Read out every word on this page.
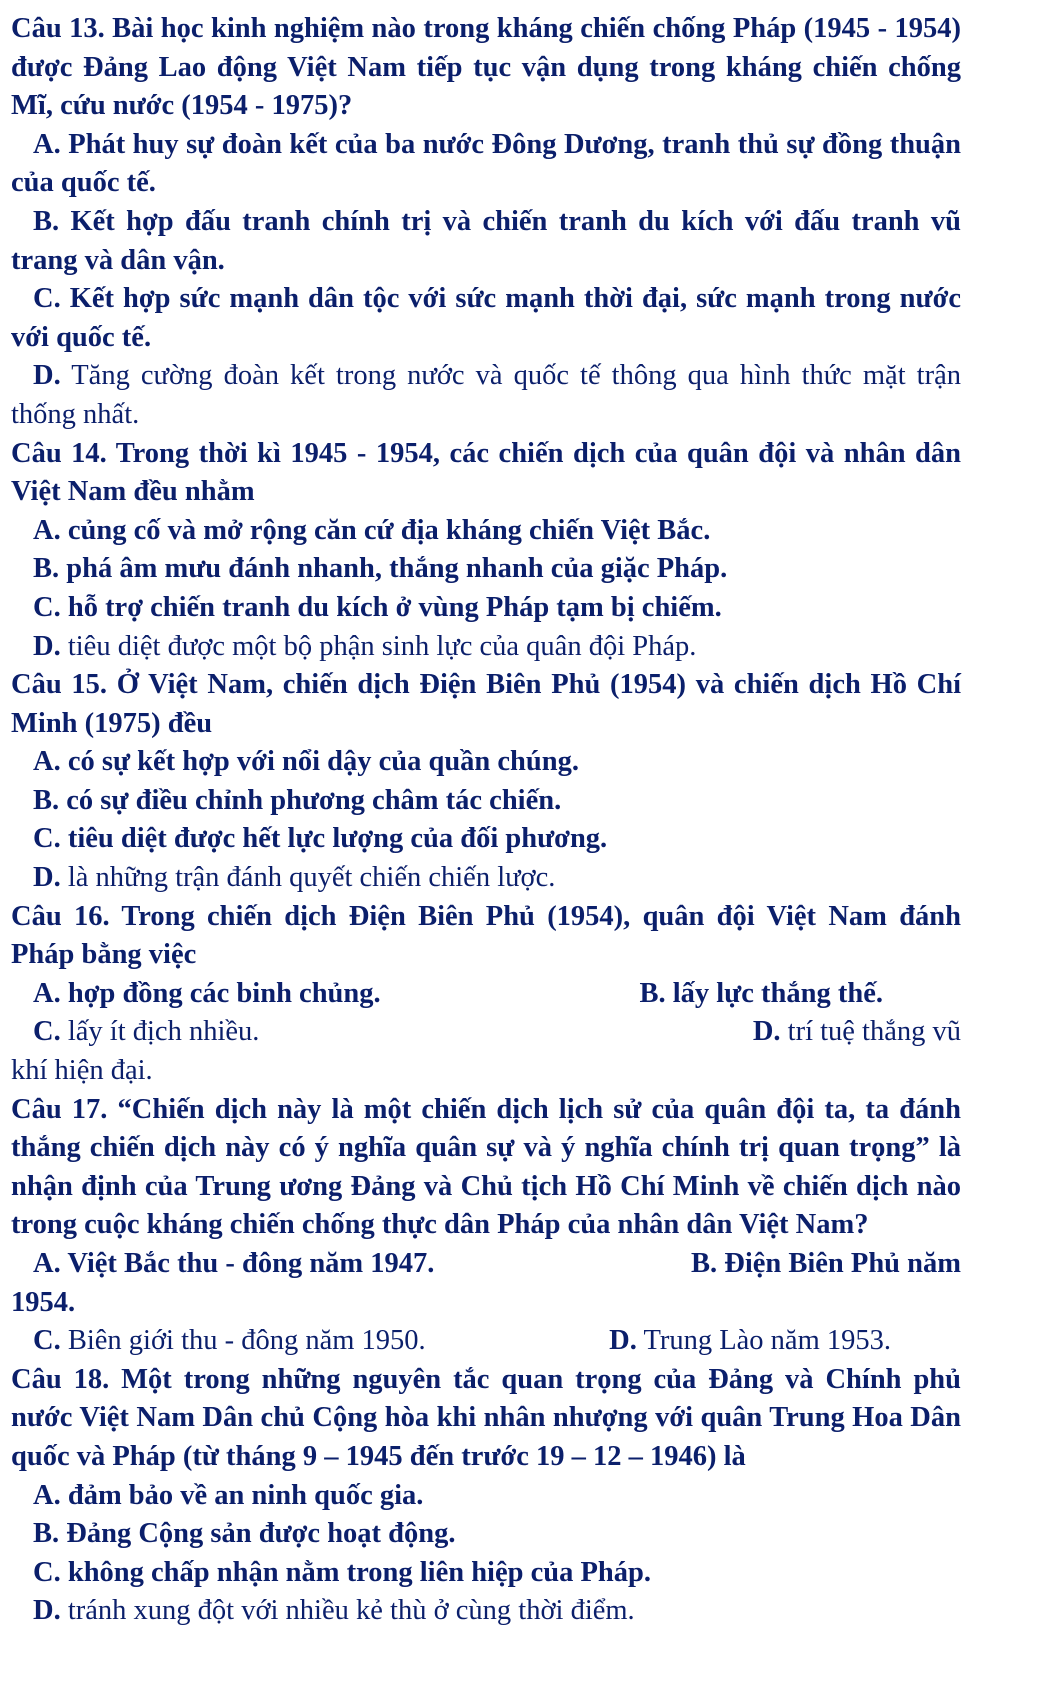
Câu 13. Bài học kinh nghiệm nào trong kháng chiến chống Pháp (1945 - 1954) được Đảng Lao động Việt Nam tiếp tục vận dụng trong kháng chiến chống Mĩ, cứu nước (1954 - 1975)?

A. Phát huy sự đoàn kết của ba nước Đông Dương, tranh thủ sự đồng thuận của quốc tế.

B. Kết hợp đấu tranh chính trị và chiến tranh du kích với đấu tranh vũ trang và dân vận.

C. Kết hợp sức mạnh dân tộc với sức mạnh thời đại, sức mạnh trong nước với quốc tế.

D. Tăng cường đoàn kết trong nước và quốc tế thông qua hình thức mặt trận thống nhất.

Câu 14. Trong thời kì 1945 - 1954, các chiến dịch của quân đội và nhân dân Việt Nam đều nhằm

A. củng cố và mở rộng căn cứ địa kháng chiến Việt Bắc.

B. phá âm mưu đánh nhanh, thắng nhanh của giặc Pháp.

C. hỗ trợ chiến tranh du kích ở vùng Pháp tạm bị chiếm.

D. tiêu diệt được một bộ phận sinh lực của quân đội Pháp.

Câu 15. Ở Việt Nam, chiến dịch Điện Biên Phủ (1954) và chiến dịch Hồ Chí Minh (1975) đều

A. có sự kết hợp với nổi dậy của quần chúng.

B. có sự điều chỉnh phương châm tác chiến.

C. tiêu diệt được hết lực lượng của đối phương.

D. là những trận đánh quyết chiến chiến lược.

Câu 16. Trong chiến dịch Điện Biên Phủ (1954), quân đội Việt Nam đánh Pháp bằng việc

A. hợp đồng các binh chủng.	B. lấy lực thắng thế.
C. lấy ít địch nhiều.	D. trí tuệ thắng vũ

khí hiện đại.

Câu 17. “Chiến dịch này là một chiến dịch lịch sử của quân đội ta, ta đánh thắng chiến dịch này có ý nghĩa quân sự và ý nghĩa chính trị quan trọng” là nhận định của Trung ương Đảng và Chủ tịch Hồ Chí Minh về chiến dịch nào trong cuộc kháng chiến chống thực dân Pháp của nhân dân Việt Nam?

A. Việt Bắc thu - đông năm 1947.	B. Điện Biên Phủ năm

1954.

C. Biên giới thu - đông năm 1950.	D. Trung Lào năm 1953.

Câu 18. Một trong những nguyên tắc quan trọng của Đảng và Chính phủ nước Việt Nam Dân chủ Cộng hòa khi nhân nhượng với quân Trung Hoa Dân quốc và Pháp (từ tháng 9 – 1945 đến trước 19 – 12 – 1946) là

A. đảm bảo về an ninh quốc gia.

B. Đảng Cộng sản được hoạt động.

C. không chấp nhận nằm trong liên hiệp của Pháp.

D. tránh xung đột với nhiều kẻ thù ở cùng thời điểm.
